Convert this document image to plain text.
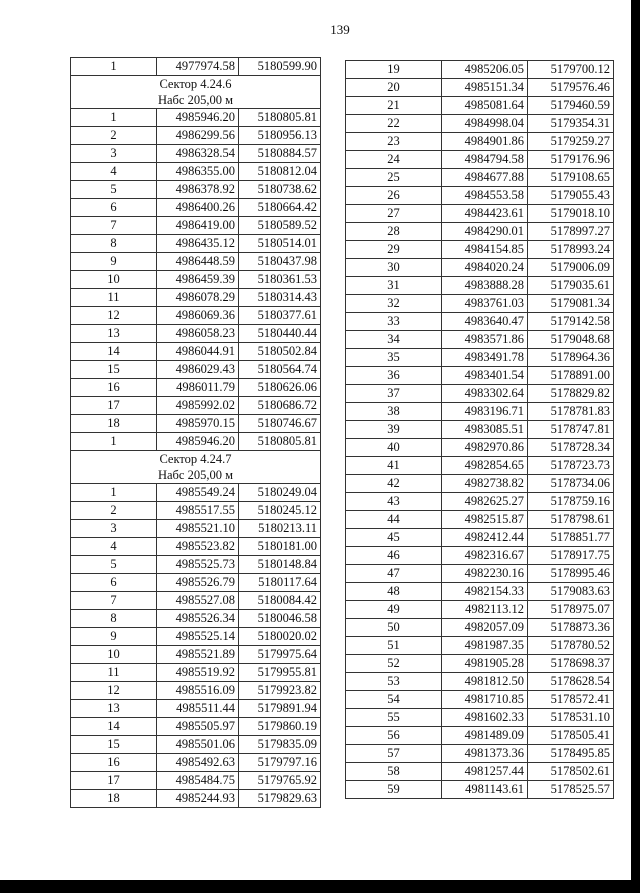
139
1	4977974.58	5180599.90

Сектор 4.24.6
Набс 205,00 м		

1	4985946.20	5180805.81
2	4986299.56	5180956.13
3	4986328.54	5180884.57
4	4986355.00	5180812.04
5	4986378.92	5180738.62
6	4986400.26	5180664.42
7	4986419.00	5180589.52
8	4986435.12	5180514.01
9	4986448.59	5180437.98
10	4986459.39	5180361.53
11	4986078.29	5180314.43
12	4986069.36	5180377.61
13	4986058.23	5180440.44
14	4986044.91	5180502.84
15	4986029.43	5180564.74
16	4986011.79	5180626.06
17	4985992.02	5180686.72
18	4985970.15	5180746.67
1	4985946.20	5180805.81

Сектор 4.24.7
Набс 205,00 м		

1	4985549.24	5180249.04
2	4985517.55	5180245.12
3	4985521.10	5180213.11
4	4985523.82	5180181.00
5	4985525.73	5180148.84
6	4985526.79	5180117.64
7	4985527.08	5180084.42
8	4985526.34	5180046.58
9	4985525.14	5180020.02
10	4985521.89	5179975.64
11	4985519.92	5179955.81
12	4985516.09	5179923.82
13	4985511.44	5179891.94
14	4985505.97	5179860.19
15	4985501.06	5179835.09
16	4985492.63	5179797.16
17	4985484.75	5179765.92
18	4985244.93	5179829.63
19	4985206.05	5179700.12
20	4985151.34	5179576.46
21	4985081.64	5179460.59
22	4984998.04	5179354.31
23	4984901.86	5179259.27
24	4984794.58	5179176.96
25	4984677.88	5179108.65
26	4984553.58	5179055.43
27	4984423.61	5179018.10
28	4984290.01	5178997.27
29	4984154.85	5178993.24
30	4984020.24	5179006.09
31	4983888.28	5179035.61
32	4983761.03	5179081.34
33	4983640.47	5179142.58
34	4983571.86	5179048.68
35	4983491.78	5178964.36
36	4983401.54	5178891.00
37	4983302.64	5178829.82
38	4983196.71	5178781.83
39	4983085.51	5178747.81
40	4982970.86	5178728.34
41	4982854.65	5178723.73
42	4982738.82	5178734.06
43	4982625.27	5178759.16
44	4982515.87	5178798.61
45	4982412.44	5178851.77
46	4982316.67	5178917.75
47	4982230.16	5178995.46
48	4982154.33	5179083.63
49	4982113.12	5178975.07
50	4982057.09	5178873.36
51	4981987.35	5178780.52
52	4981905.28	5178698.37
53	4981812.50	5178628.54
54	4981710.85	5178572.41
55	4981602.33	5178531.10
56	4981489.09	5178505.41
57	4981373.36	5178495.85
58	4981257.44	5178502.61
59	4981143.61	5178525.57
